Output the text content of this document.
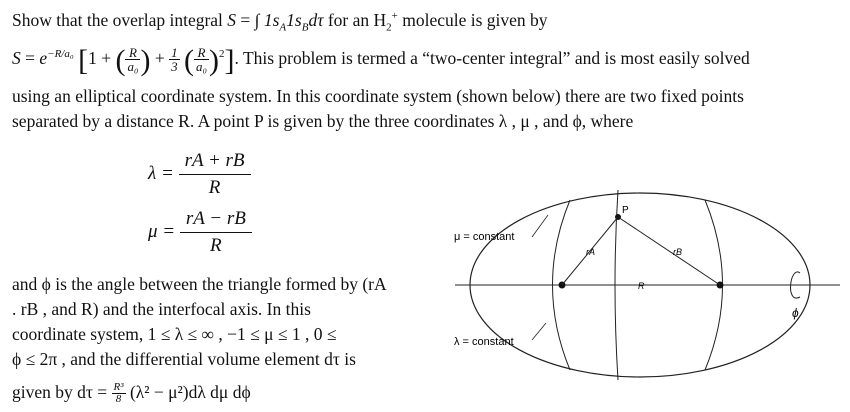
Show that the overlap integral S = ∫ $1s_A1s_Bd\tau$ for an $H_2^+$ molecule is given by
$S = e^{-R/a_0}$ [1 + ( $\frac{R}{\text{a₀}}$ ) + $\frac{1}{3}$ ( $\frac{R}{\text{a₀}} )^2$]. This problem is termed a “two-center integral” and is most easily solved
using an elliptical coordinate system. In this coordinate system (shown below) there are two fixed points
separated by a distance R. A point P is given by the three coordinates λ , μ , and ϕ, where
$\lambda = \frac{rA + rB}{R}$
$\mu = \frac{rA - rB}{R}$
and ϕ is the angle between the triangle formed by (rA
. rB , and R) and the interfocal axis. In this
coordinate system, 1 ≤ λ ≤ ∞ , −1 ≤ μ ≤ 1 , 0 ≤
ϕ ≤ 2π , and the differential volume element dτ is
given by $d\tau = \frac{\text{R³}}{8} (\lambda^2 - \mu^2)d\lambda$ dμ dϕ
P
rA	rB
R
μ = constant
λ = constant
ϕ
